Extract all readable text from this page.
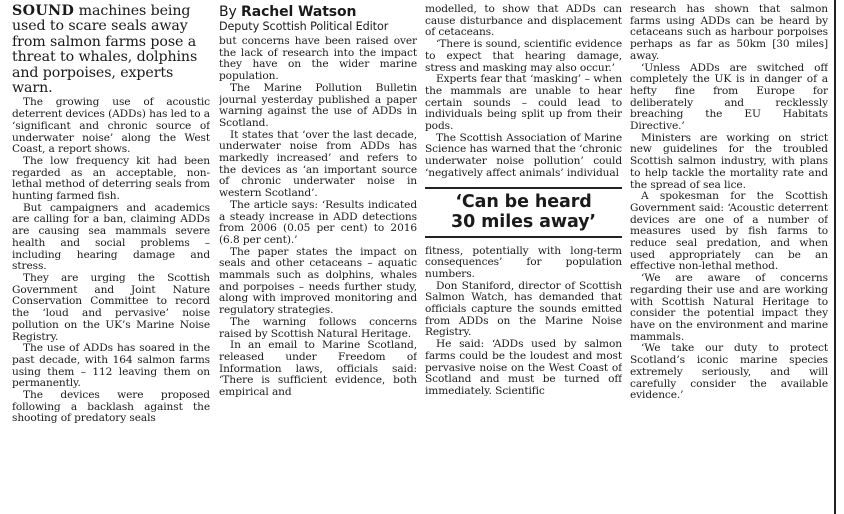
SOUND machines being used to scare seals away from salmon farms pose a threat to whales, dolphins and porpoises, experts warn.

The growing use of acoustic deterrent devices (ADDs) has led to a ‘significant and chronic source of underwater noise’ along the West Coast, a report shows.

The low frequency kit had been regarded as an acceptable, non-lethal method of deterring seals from hunting farmed fish.

But campaigners and academics are calling for a ban, claiming ADDs are causing sea mammals severe health and social problems – including hearing damage and stress.

They are urging the Scottish Government and Joint Nature Conservation Committee to record the ‘loud and pervasive’ noise pollution on the UK’s Marine Noise Registry.

The use of ADDs has soared in the past decade, with 164 salmon farms using them – 112 leaving them on permanently.

The devices were proposed following a backlash against the shooting of predatory seals

By Rachel Watson

Deputy Scottish Political Editor

but concerns have been raised over the lack of research into the impact they have on the wider marine population.

The Marine Pollution Bulletin journal yesterday published a paper warning against the use of ADDs in Scotland.

It states that ‘over the last decade, underwater noise from ADDs has markedly increased’ and refers to the devices as ‘an important source of chronic underwater noise in western Scotland’.

The article says: ‘Results indicated a steady increase in ADD detections from 2006 (0.05 per cent) to 2016 (6.8 per cent).’

The paper states the impact on seals and other cetaceans – aquatic mammals such as dolphins, whales and porpoises – needs further study, along with improved monitoring and regulatory strategies.

The warning follows concerns raised by Scottish Natural Heritage.

In an email to Marine Scotland, released under Freedom of Information laws, officials said: ‘There is sufficient evidence, both empirical and

modelled, to show that ADDs can cause disturbance and displacement of cetaceans.

‘There is sound, scientific evidence to expect that hearing damage, stress and masking may also occur.’

Experts fear that ‘masking’ – when the mammals are unable to hear certain sounds – could lead to individuals being split up from their pods.

The Scottish Association of Marine Science has warned that the ‘chronic underwater noise pollution’ could ‘negatively affect animals’ individual

‘Can be heard
30 miles away’

fitness, potentially with long-term consequences’ for population numbers.

Don Staniford, director of Scottish Salmon Watch, has demanded that officials capture the sounds emitted from ADDs on the Marine Noise Registry.

He said: ‘ADDs used by salmon farms could be the loudest and most pervasive noise on the West Coast of Scotland and must be turned off immediately. Scientific

research has shown that salmon farms using ADDs can be heard by cetaceans such as harbour porpoises perhaps as far as 50km [30 miles] away.

‘Unless ADDs are switched off completely the UK is in danger of a hefty fine from Europe for deliberately and recklessly breaching the EU Habitats Directive.’

Ministers are working on strict new guidelines for the troubled Scottish salmon industry, with plans to help tackle the mortality rate and the spread of sea lice.

A spokesman for the Scottish Government said: ‘Acoustic deterrent devices are one of a number of measures used by fish farms to reduce seal predation, and when used appropriately can be an effective non-lethal method.

‘We are aware of concerns regarding their use and are working with Scottish Natural Heritage to consider the potential impact they have on the environment and marine mammals.

‘We take our duty to protect Scotland’s iconic marine species extremely seriously, and will carefully consider the available evidence.’
